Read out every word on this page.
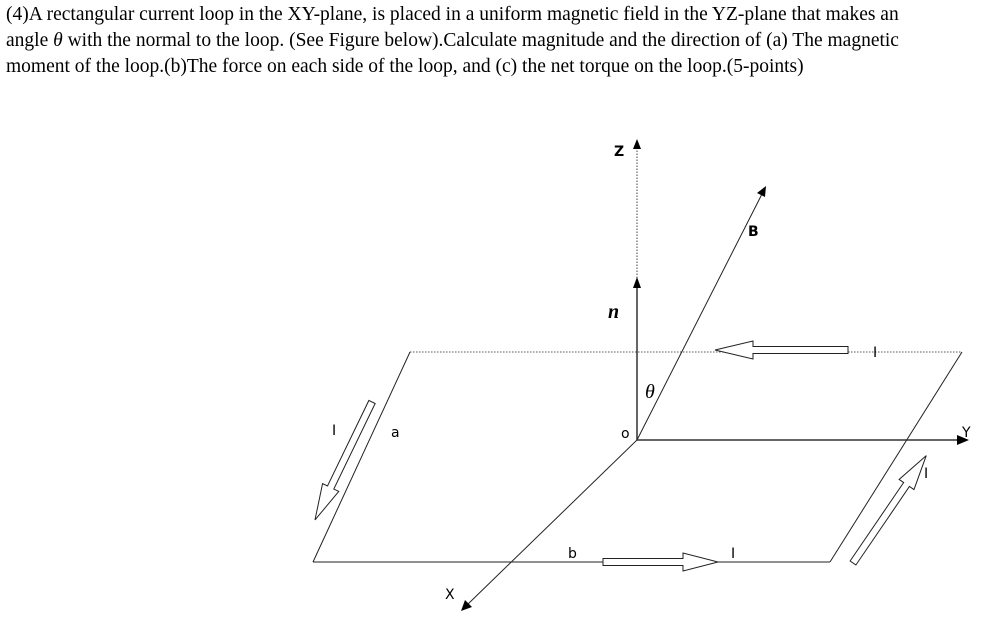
(4)A rectangular current loop in the XY-plane, is placed in a uniform magnetic field in the YZ-plane that makes an
angle θ with the normal to the loop. (See Figure below).Calculate magnitude and the direction of (a) The magnetic
moment of the loop.(b)The force on each side of the loop, and (c) the net torque on the loop.(5-points)
Z
Y
X
o
n
B
θ
a
b
I
I
I
I
